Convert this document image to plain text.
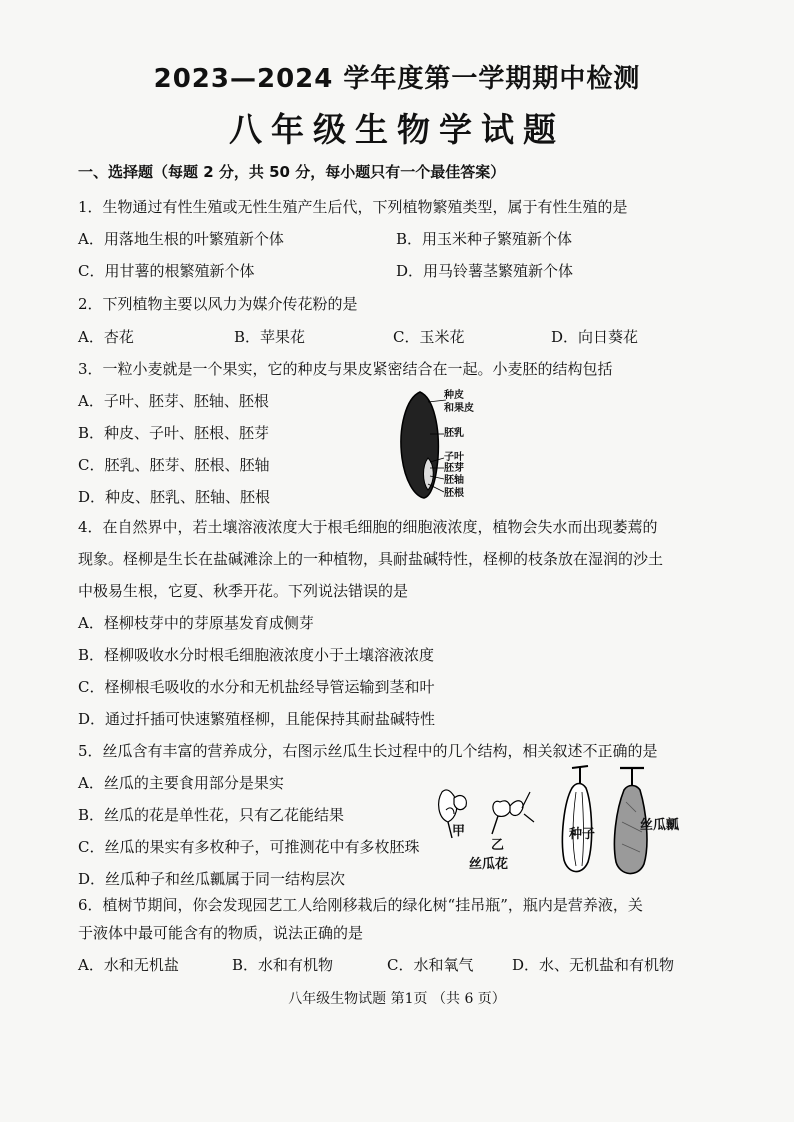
2023—2024 学年度第一学期期中检测
八年级生物学试题
一、选择题（每题 2 分，共 50 分，每小题只有一个最佳答案）
1．生物通过有性生殖或无性生殖产生后代，下列植物繁殖类型，属于有性生殖的是
A．用落地生根的叶繁殖新个体	B．用玉米种子繁殖新个体
C．用甘薯的根繁殖新个体	D．用马铃薯茎繁殖新个体
2．下列植物主要以风力为媒介传花粉的是
A．杏花	B．苹果花	C．玉米花	D．向日葵花
3．一粒小麦就是一个果实，它的种皮与果皮紧密结合在一起。小麦胚的结构包括
A．子叶、胚芽、胚轴、胚根
B．种皮、子叶、胚根、胚芽
C．胚乳、胚芽、胚根、胚轴
D．种皮、胚乳、胚轴、胚根
种皮
和果皮
胚乳
子叶
胚芽
胚轴
胚根
4．在自然界中，若土壤溶液浓度大于根毛细胞的细胞液浓度，植物会失水而出现萎蔫的
现象。柽柳是生长在盐碱滩涂上的一种植物，具耐盐碱特性，柽柳的枝条放在湿润的沙土
中极易生根，它夏、秋季开花。下列说法错误的是
A．柽柳枝芽中的芽原基发育成侧芽
B．柽柳吸收水分时根毛细胞液浓度小于土壤溶液浓度
C．柽柳根毛吸收的水分和无机盐经导管运输到茎和叶
D．通过扦插可快速繁殖柽柳，且能保持其耐盐碱特性
5．丝瓜含有丰富的营养成分，右图示丝瓜生长过程中的几个结构，相关叙述不正确的是
A．丝瓜的主要食用部分是果实
B．丝瓜的花是单性花，只有乙花能结果
C．丝瓜的果实有多枚种子，可推测花中有多枚胚珠
D．丝瓜种子和丝瓜瓤属于同一结构层次
甲
乙
丝瓜花
种子
丝瓜瓤
6．植树节期间，你会发现园艺工人给刚移栽后的绿化树“挂吊瓶”，瓶内是营养液，关
于液体中最可能含有的物质，说法正确的是
A．水和无机盐	B．水和有机物	C．水和氧气	D．水、无机盐和有机物
八年级生物试题 第1页 （共 6 页）
